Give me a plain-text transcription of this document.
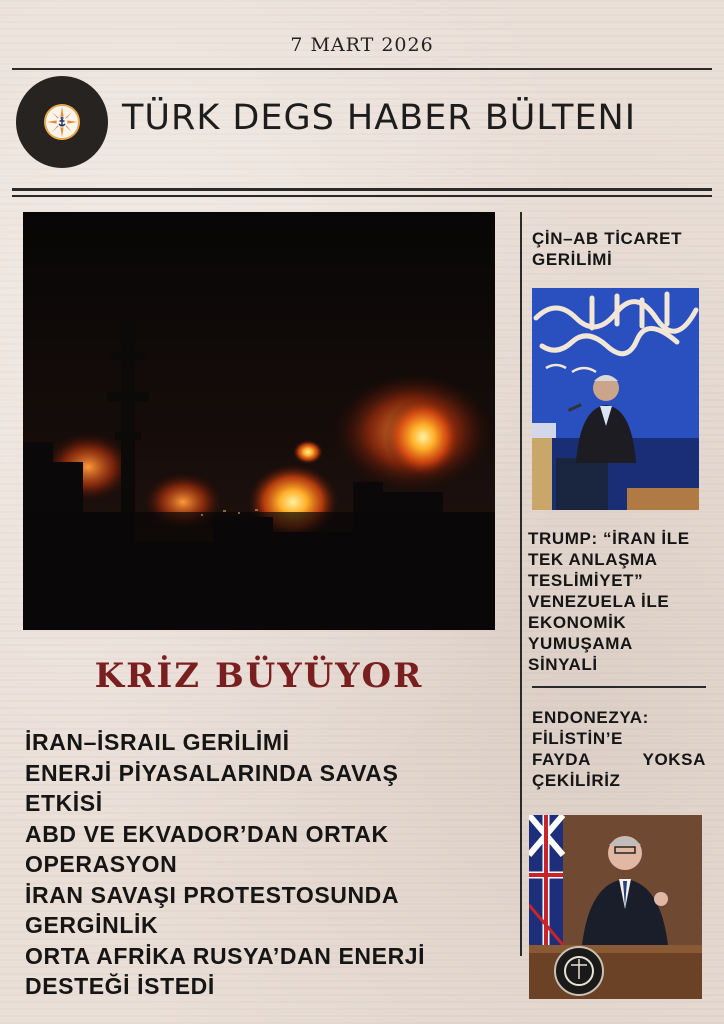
7 MART 2026
TÜRK DEGS HABER BÜLTENI
KRİZ BÜYÜYOR
İRAN–İSRAIL GERİLİMİ
ENERJİ PİYASALARINDA SAVAŞ
ETKİSİ
ABD VE EKVADOR’DAN ORTAK
OPERASYON
İRAN SAVAŞI PROTESTOSUNDA
GERGİNLİK
ORTA AFRİKA RUSYA’DAN ENERJİ
DESTEĞİ İSTEDİ
ÇİN–AB TİCARET
GERİLİMİ
TRUMP: “İRAN İLE
TEK ANLAŞMA
TESLİMİYET”
VENEZUELA İLE
EKONOMİK
YUMUŞAMA
SİNYALİ
ENDONEZYA:
FİLİSTİN’E
FAYDA YOKSA
ÇEKİLİRİZ
